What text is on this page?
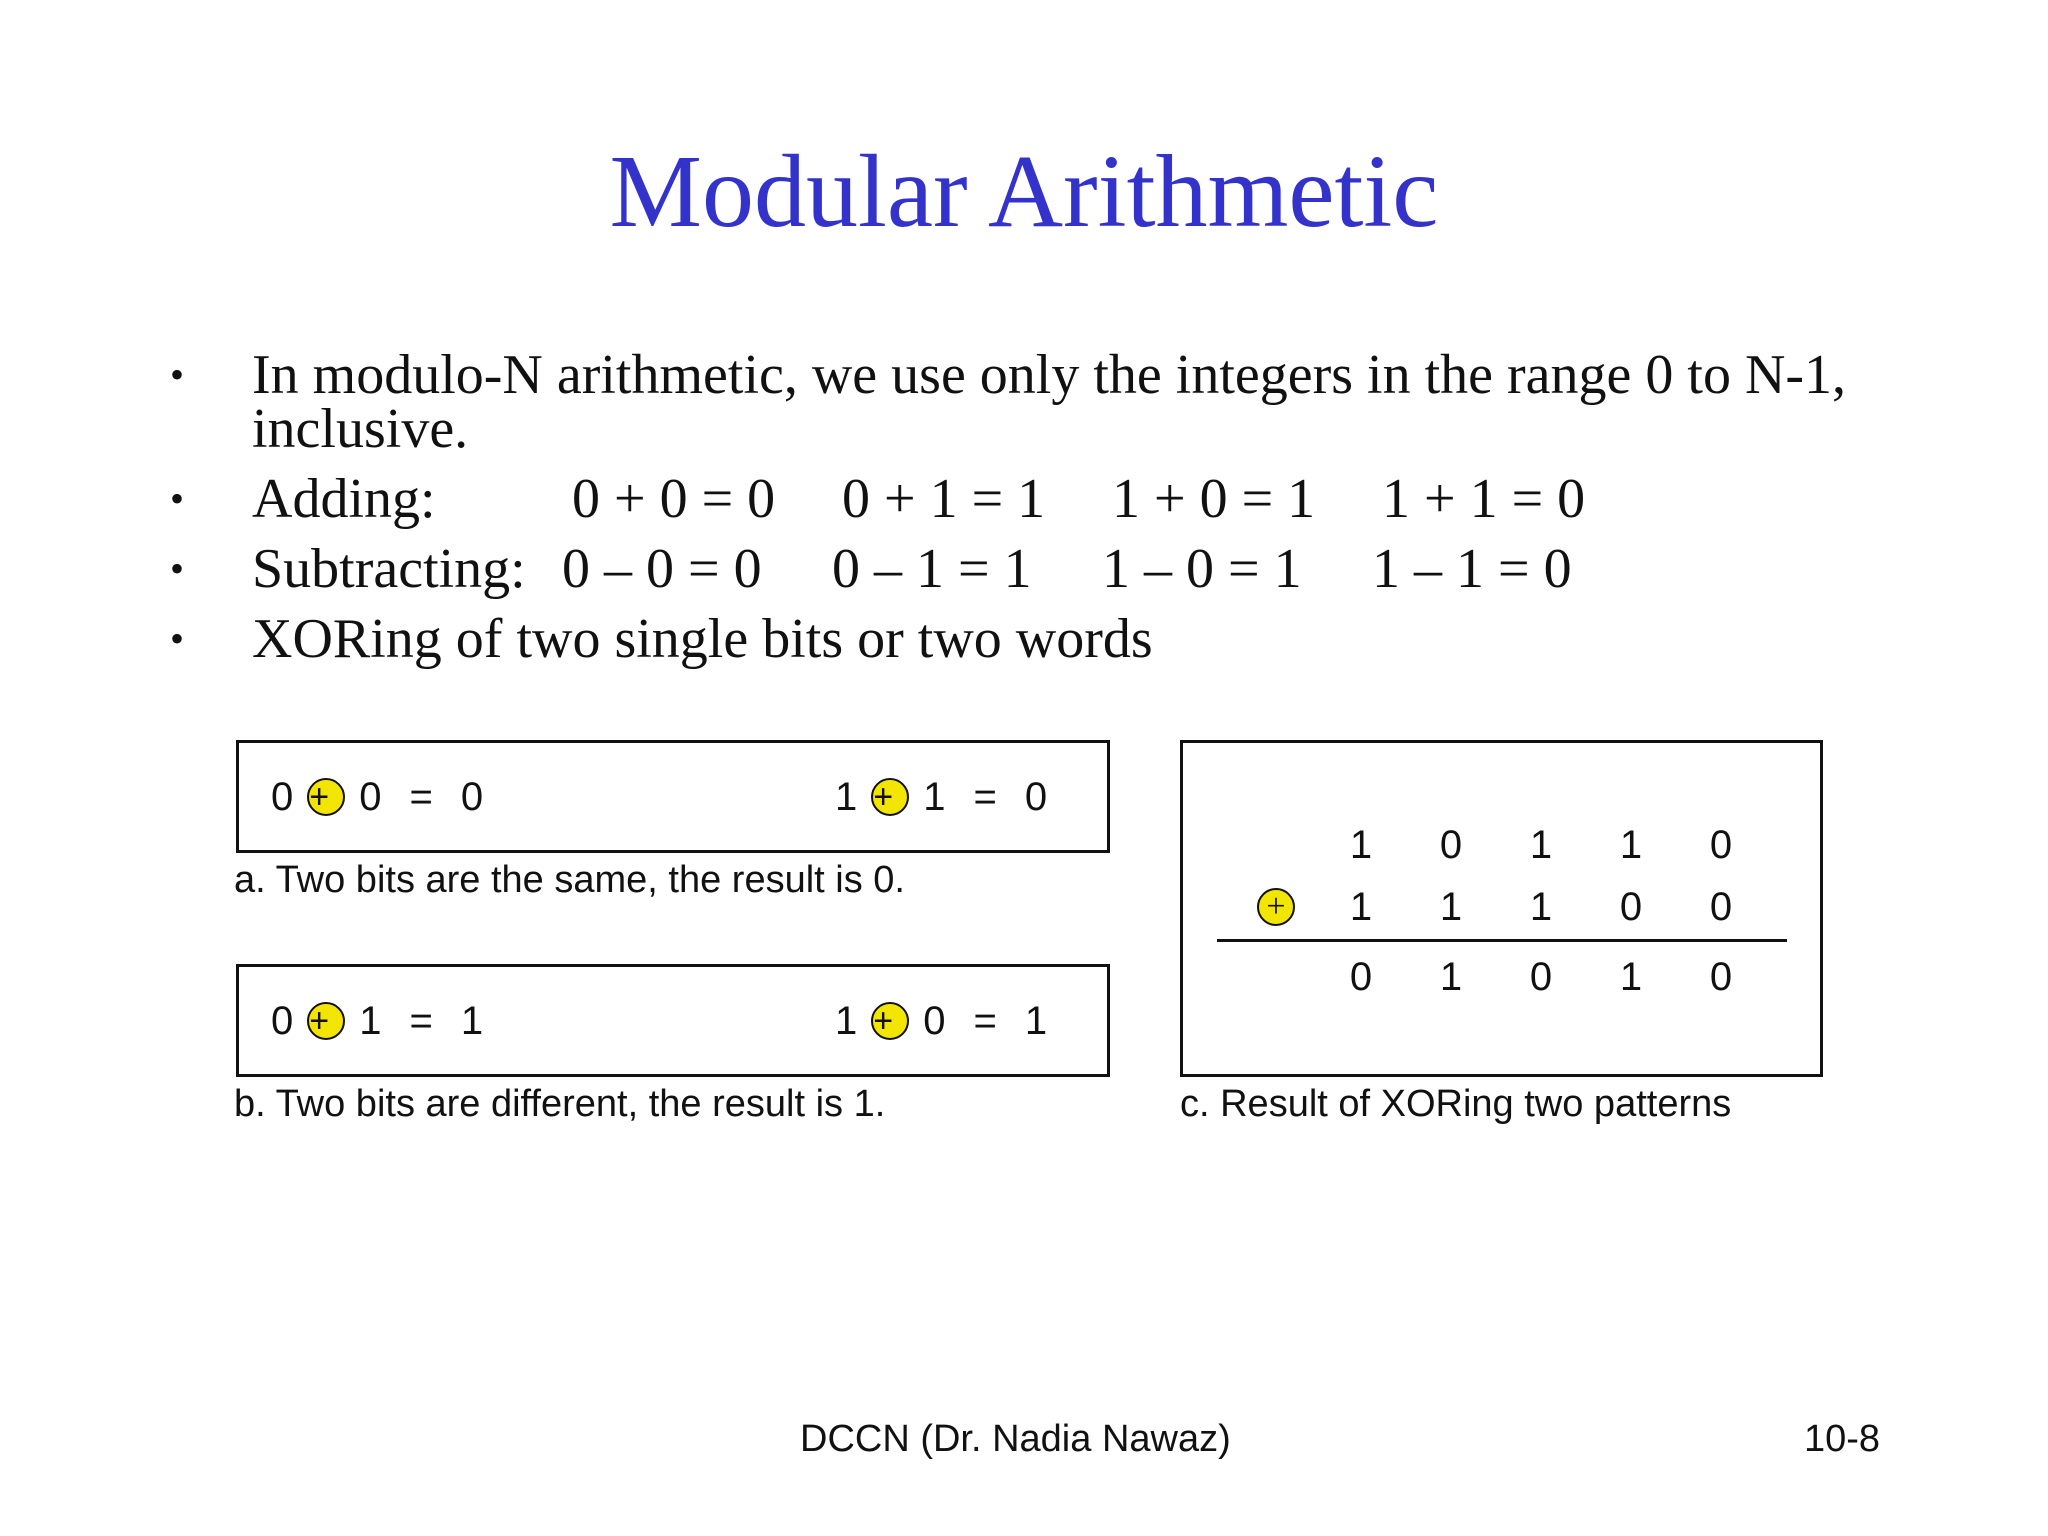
Modular Arithmetic
• In modulo-N arithmetic, we use only the integers in the range 0 to N-1, inclusive.
• Adding: 0 + 0 = 0 0 + 1 = 1 1 + 0 = 1 1 + 1 = 0
• Subtracting: 0 – 0 = 0 0 – 1 = 1 1 – 0 = 1 1 – 1 = 0
• XORing of two single bits or two words
0 + 0 = 0	1 + 1 = 0
a. Two bits are the same, the result is 0.
0 + 1 = 1	1 + 0 = 1
b. Two bits are different, the result is 1.
1 0 1 1 0
+ 1 1 1 0 0
0 1 0 1 0
c. Result of XORing two patterns
DCCN (Dr. Nadia Nawaz)	10-8
